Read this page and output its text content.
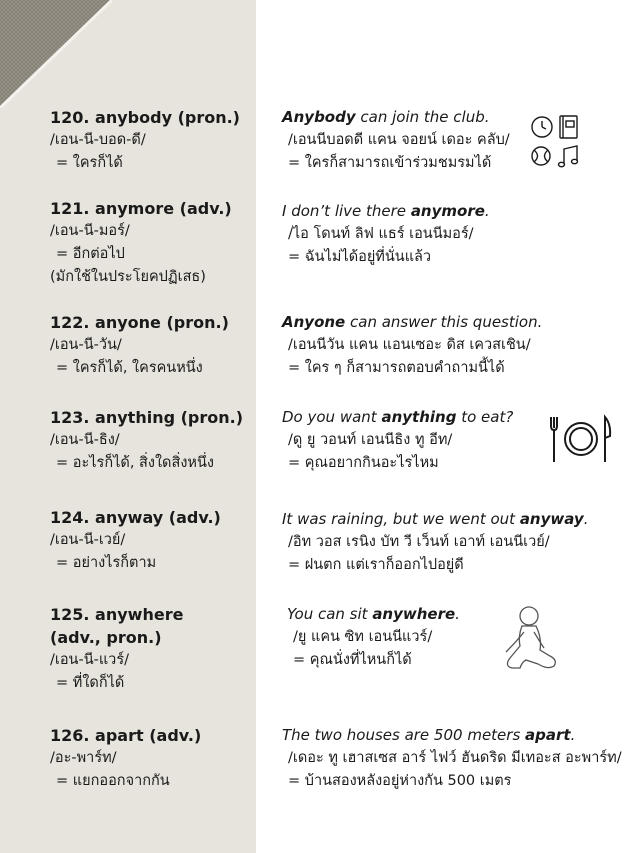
120. anybody (pron.)
/เอน-นี-บอด-ดี/
= ใครก็ได้
Anybody can join the club.
/เอนนีบอดดี แคน จอยน์ เดอะ คลับ/
= ใครก็สามารถเข้าร่วมชมรมได้
121. anymore (adv.)
/เอน-นี-มอร์/
= อีกต่อไป
(มักใช้ในประโยคปฏิเสธ)
I don’t live there anymore.
/ไอ โดนท์ ลิฟ แธร์ เอนนีมอร์/
= ฉันไม่ได้อยู่ที่นั่นแล้ว
122. anyone (pron.)
/เอน-นี-วัน/
= ใครก็ได้, ใครคนหนึ่ง
Anyone can answer this question.
/เอนนีวัน แคน แอนเซอะ ดิส เควสเชิน/
= ใคร ๆ ก็สามารถตอบคำถามนี้ได้
123. anything (pron.)
/เอน-นี-ธิง/
= อะไรก็ได้, สิ่งใดสิ่งหนึ่ง
Do you want anything to eat?
/ดู ยู วอนท์ เอนนีธิง ทู อีท/
= คุณอยากกินอะไรไหม
124. anyway (adv.)
/เอน-นี-เวย์/
= อย่างไรก็ตาม
It was raining, but we went out anyway.
/อิท วอส เรนิง บัท วี เว็นท์ เอาท์ เอนนีเวย์/
= ฝนตก แต่เราก็ออกไปอยู่ดี
125. anywhere
(adv., pron.)
/เอน-นี-แวร์/
= ที่ใดก็ได้
You can sit anywhere.
/ยู แคน ซิท เอนนีแวร์/
= คุณนั่งที่ไหนก็ได้
126. apart (adv.)
/อะ-พาร์ท/
= แยกออกจากกัน
The two houses are 500 meters apart.
/เดอะ ทู เฮาสเซส อาร์ ไฟว์ ฮันดริด มีเทอะส อะพาร์ท/
= บ้านสองหลังอยู่ห่างกัน 500 เมตร
